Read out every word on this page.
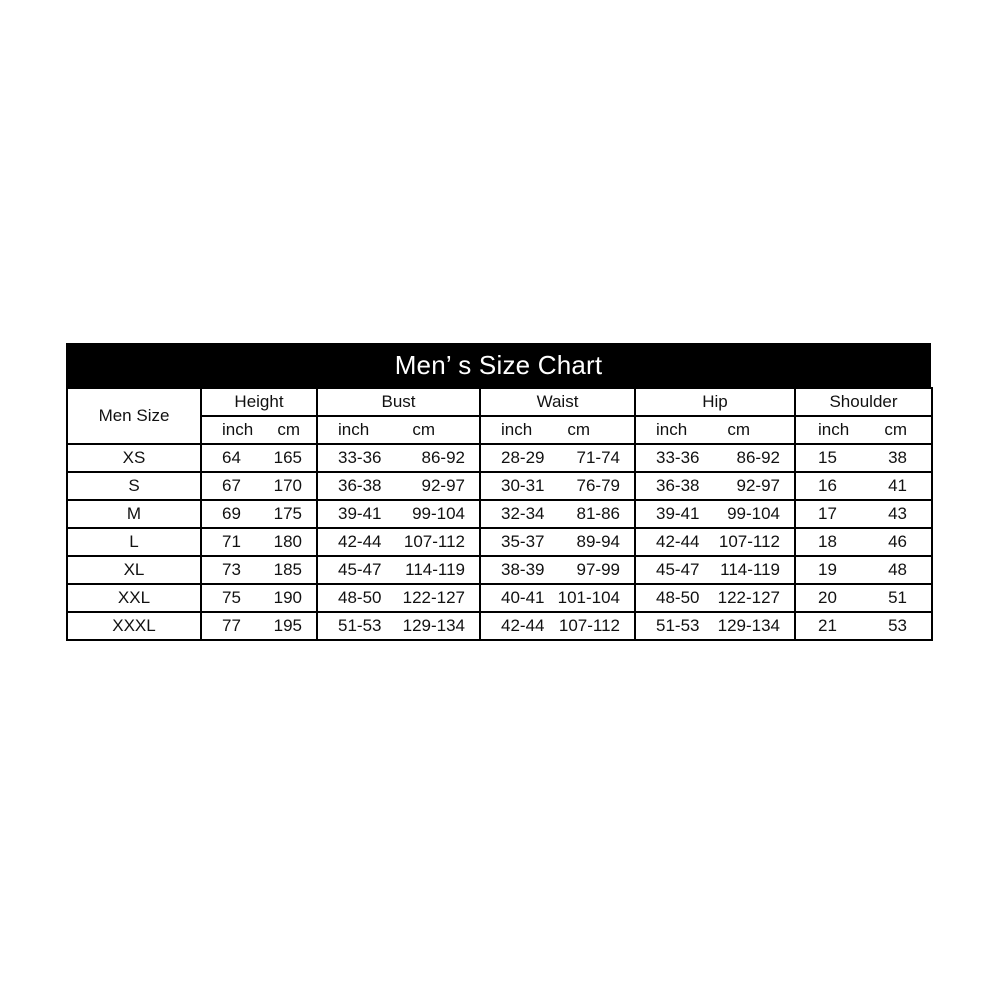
Men’ s Size Chart
Men Size	Height	Bust	Waist	Hip	Shoulder

	inch cm	inch cm	inch cm	inch cm	inch cm

XS	64 165	33-36 86-92	28-29 71-74	33-36 86-92	15 38

S	67 170	36-38 92-97	30-31 76-79	36-38 92-97	16 41

M	69 175	39-41 99-104	32-34 81-86	39-41 99-104	17 43

L	71 180	42-44 107-112	35-37 89-94	42-44 107-112	18 46

XL	73 185	45-47 114-119	38-39 97-99	45-47 114-119	19 48

XXL	75 190	48-50 122-127	40-41 101-104	48-50 122-127	20 51

XXXL	77 195	51-53 129-134	42-44 107-112	51-53 129-134	21 53
